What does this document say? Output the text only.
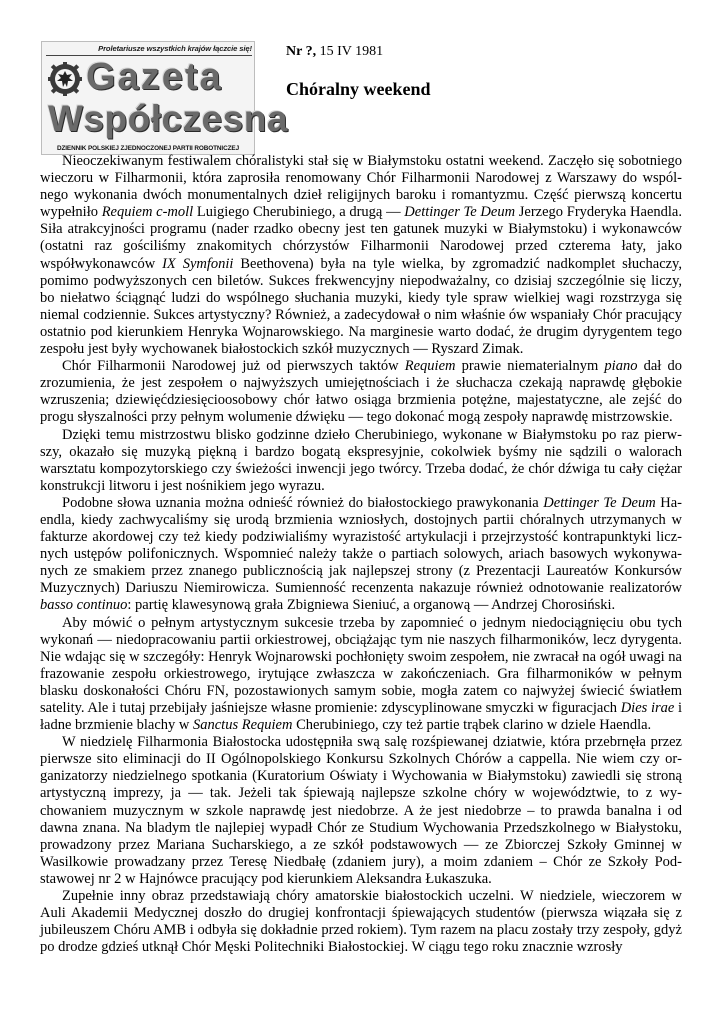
Proletariusze wszystkich krajów łączcie się!
Gazeta
Współczesna
DZIENNIK POLSKIEJ ZJEDNOCZONEJ PARTII ROBOTNICZEJ
Nr ?, 15 IV 1981
Chóralny weekend

Nieoczekiwanym festiwalem chóralistyki stał się w Białymstoku ostatni weekend. Zaczęło się sobotniego wieczoru w Filharmonii, która zaprosiła renomowany Chór Filharmonii Narodowej z Warszawy do wspólnego wykonania dwóch monumentalnych dzieł religijnych baroku i romantyzmu. Część pierwszą koncertu wypełniło Requiem c-moll Luigiego Cherubiniego, a drugą — Dettinger Te Deum Jerzego Fryderyka Haendla. Siła atrakcyjności programu (nader rzadko obecny jest ten gatunek muzyki w Białymstoku) i wykonawców (ostatni raz gościliśmy znakomitych chórzystów Filharmonii Narodowej przed czterema łaty, jako współwykonawców IX Symfonii Beethovena) była na tyle wielka, by zgromadzić nadkomplet słuchaczy, pomimo podwyższonych cen biletów. Sukces frekwencyjny niepodważalny, co dzisiaj szczególnie się liczy, bo niełatwo ściągnąć ludzi do wspólnego słuchania muzyki, kiedy tyle spraw wielkiej wagi rozstrzyga się niemal codziennie. Sukces artystyczny? Również, a zadecydował o nim właśnie ów wspaniały Chór pracujący ostatnio pod kierunkiem Henryka Wojnarowskiego. Na marginesie warto dodać, że drugim dyrygentem tego zespołu jest były wychowanek białostockich szkół muzycznych — Ryszard Zimak.

Chór Filharmonii Narodowej już od pierwszych taktów Requiem prawie niematerialnym piano dał do zrozumienia, że jest zespołem o najwyższych umiejętnościach i że słuchacza czekają naprawdę głębokie wzruszenia; dziewięćdziesięcioosobowy chór łatwo osiąga brzmienia potężne, majestatyczne, ale zejść do progu słyszalności przy pełnym wolumenie dźwięku — tego dokonać mogą zespoły naprawdę mistrzowskie.

Dzięki temu mistrzostwu blisko godzinne dzieło Cherubiniego, wykonane w Białymstoku po raz pierwszy, okazało się muzyką piękną i bardzo bogatą ekspresyjnie, cokolwiek byśmy nie sądzili o walorach warsztatu kompozytorskiego czy świeżości inwencji jego twórcy. Trzeba dodać, że chór dźwiga tu cały ciężar konstrukcji litworu i jest nośnikiem jego wyrazu.

Podobne słowa uznania można odnieść również do białostockiego prawykonania Dettinger Te Deum Haendla, kiedy zachwycaliśmy się urodą brzmienia wzniosłych, dostojnych partii chóralnych utrzymanych w fakturze akordowej czy też kiedy podziwialiśmy wyrazistość artykulacji i przejrzystość kontrapunktyki licznych ustępów polifonicznych. Wspomnieć należy także o partiach solowych, ariach basowych wykonywanych ze smakiem przez znanego publicznością jak najlepszej strony (z Prezentacji Laureatów Konkursów Muzycznych) Dariuszu Niemirowicza. Sumienność recenzenta nakazuje również odnotowanie realizatorów basso continuo: partię klawesynową grała Zbigniewa Sieniuć, a organową — Andrzej Chorosiński.

Aby mówić o pełnym artystycznym sukcesie trzeba by zapomnieć o jednym niedociągnięciu obu tych wykonań — niedopracowaniu partii orkiestrowej, obciążając tym nie naszych filharmoników, lecz dyrygenta. Nie wdając się w szczegóły: Henryk Wojnarowski pochłonięty swoim zespołem, nie zwracał na ogół uwagi na frazowanie zespołu orkiestrowego, irytujące zwłaszcza w zakończeniach. Gra filharmoników w pełnym blasku doskonałości Chóru FN, pozostawionych samym sobie, mogła zatem co najwyżej świecić światłem satelity. Ale i tutaj przebijały jaśniejsze własne promienie: zdyscyplinowane smyczki w figuracjach Dies irae i ładne brzmienie blachy w Sanctus Requiem Cherubiniego, czy też partie trąbek clarino w dziele Haendla.

W niedzielę Filharmonia Białostocka udostępniła swą salę rozśpiewanej dziatwie, która przebrnęła przez pierwsze sito eliminacji do II Ogólnopolskiego Konkursu Szkolnych Chórów a cappella. Nie wiem czy organizatorzy niedzielnego spotkania (Kuratorium Oświaty i Wychowania w Białymstoku) zawiedli się stroną artystyczną imprezy, ja — tak. Jeżeli tak śpiewają najlepsze szkolne chóry w województwie, to z wychowaniem muzycznym w szkole naprawdę jest niedobrze. A że jest niedobrze – to prawda banalna i od dawna znana. Na bladym tle najlepiej wypadł Chór ze Studium Wychowania Przedszkolnego w Białystoku, prowadzony przez Mariana Sucharskiego, a ze szkół podstawowych — ze Zbiorczej Szkoły Gminnej w Wasilkowie prowadzany przez Teresę Niedbałę (zdaniem jury), a moim zdaniem – Chór ze Szkoły Podstawowej nr 2 w Hajnówce pracujący pod kierunkiem Aleksandra Łukaszuka.

Zupełnie inny obraz przedstawiają chóry amatorskie białostockich uczelni. W niedziele, wieczorem w Auli Akademii Medycznej doszło do drugiej konfrontacji śpiewających studentów (pierwsza wiązała się z jubileuszem Chóru AMB i odbyła się dokładnie przed rokiem). Tym razem na placu zostały trzy zespoły, gdyż po drodze gdzieś utknął Chór Męski Politechniki Białostockiej. W ciągu tego roku znacznie wzrosły
